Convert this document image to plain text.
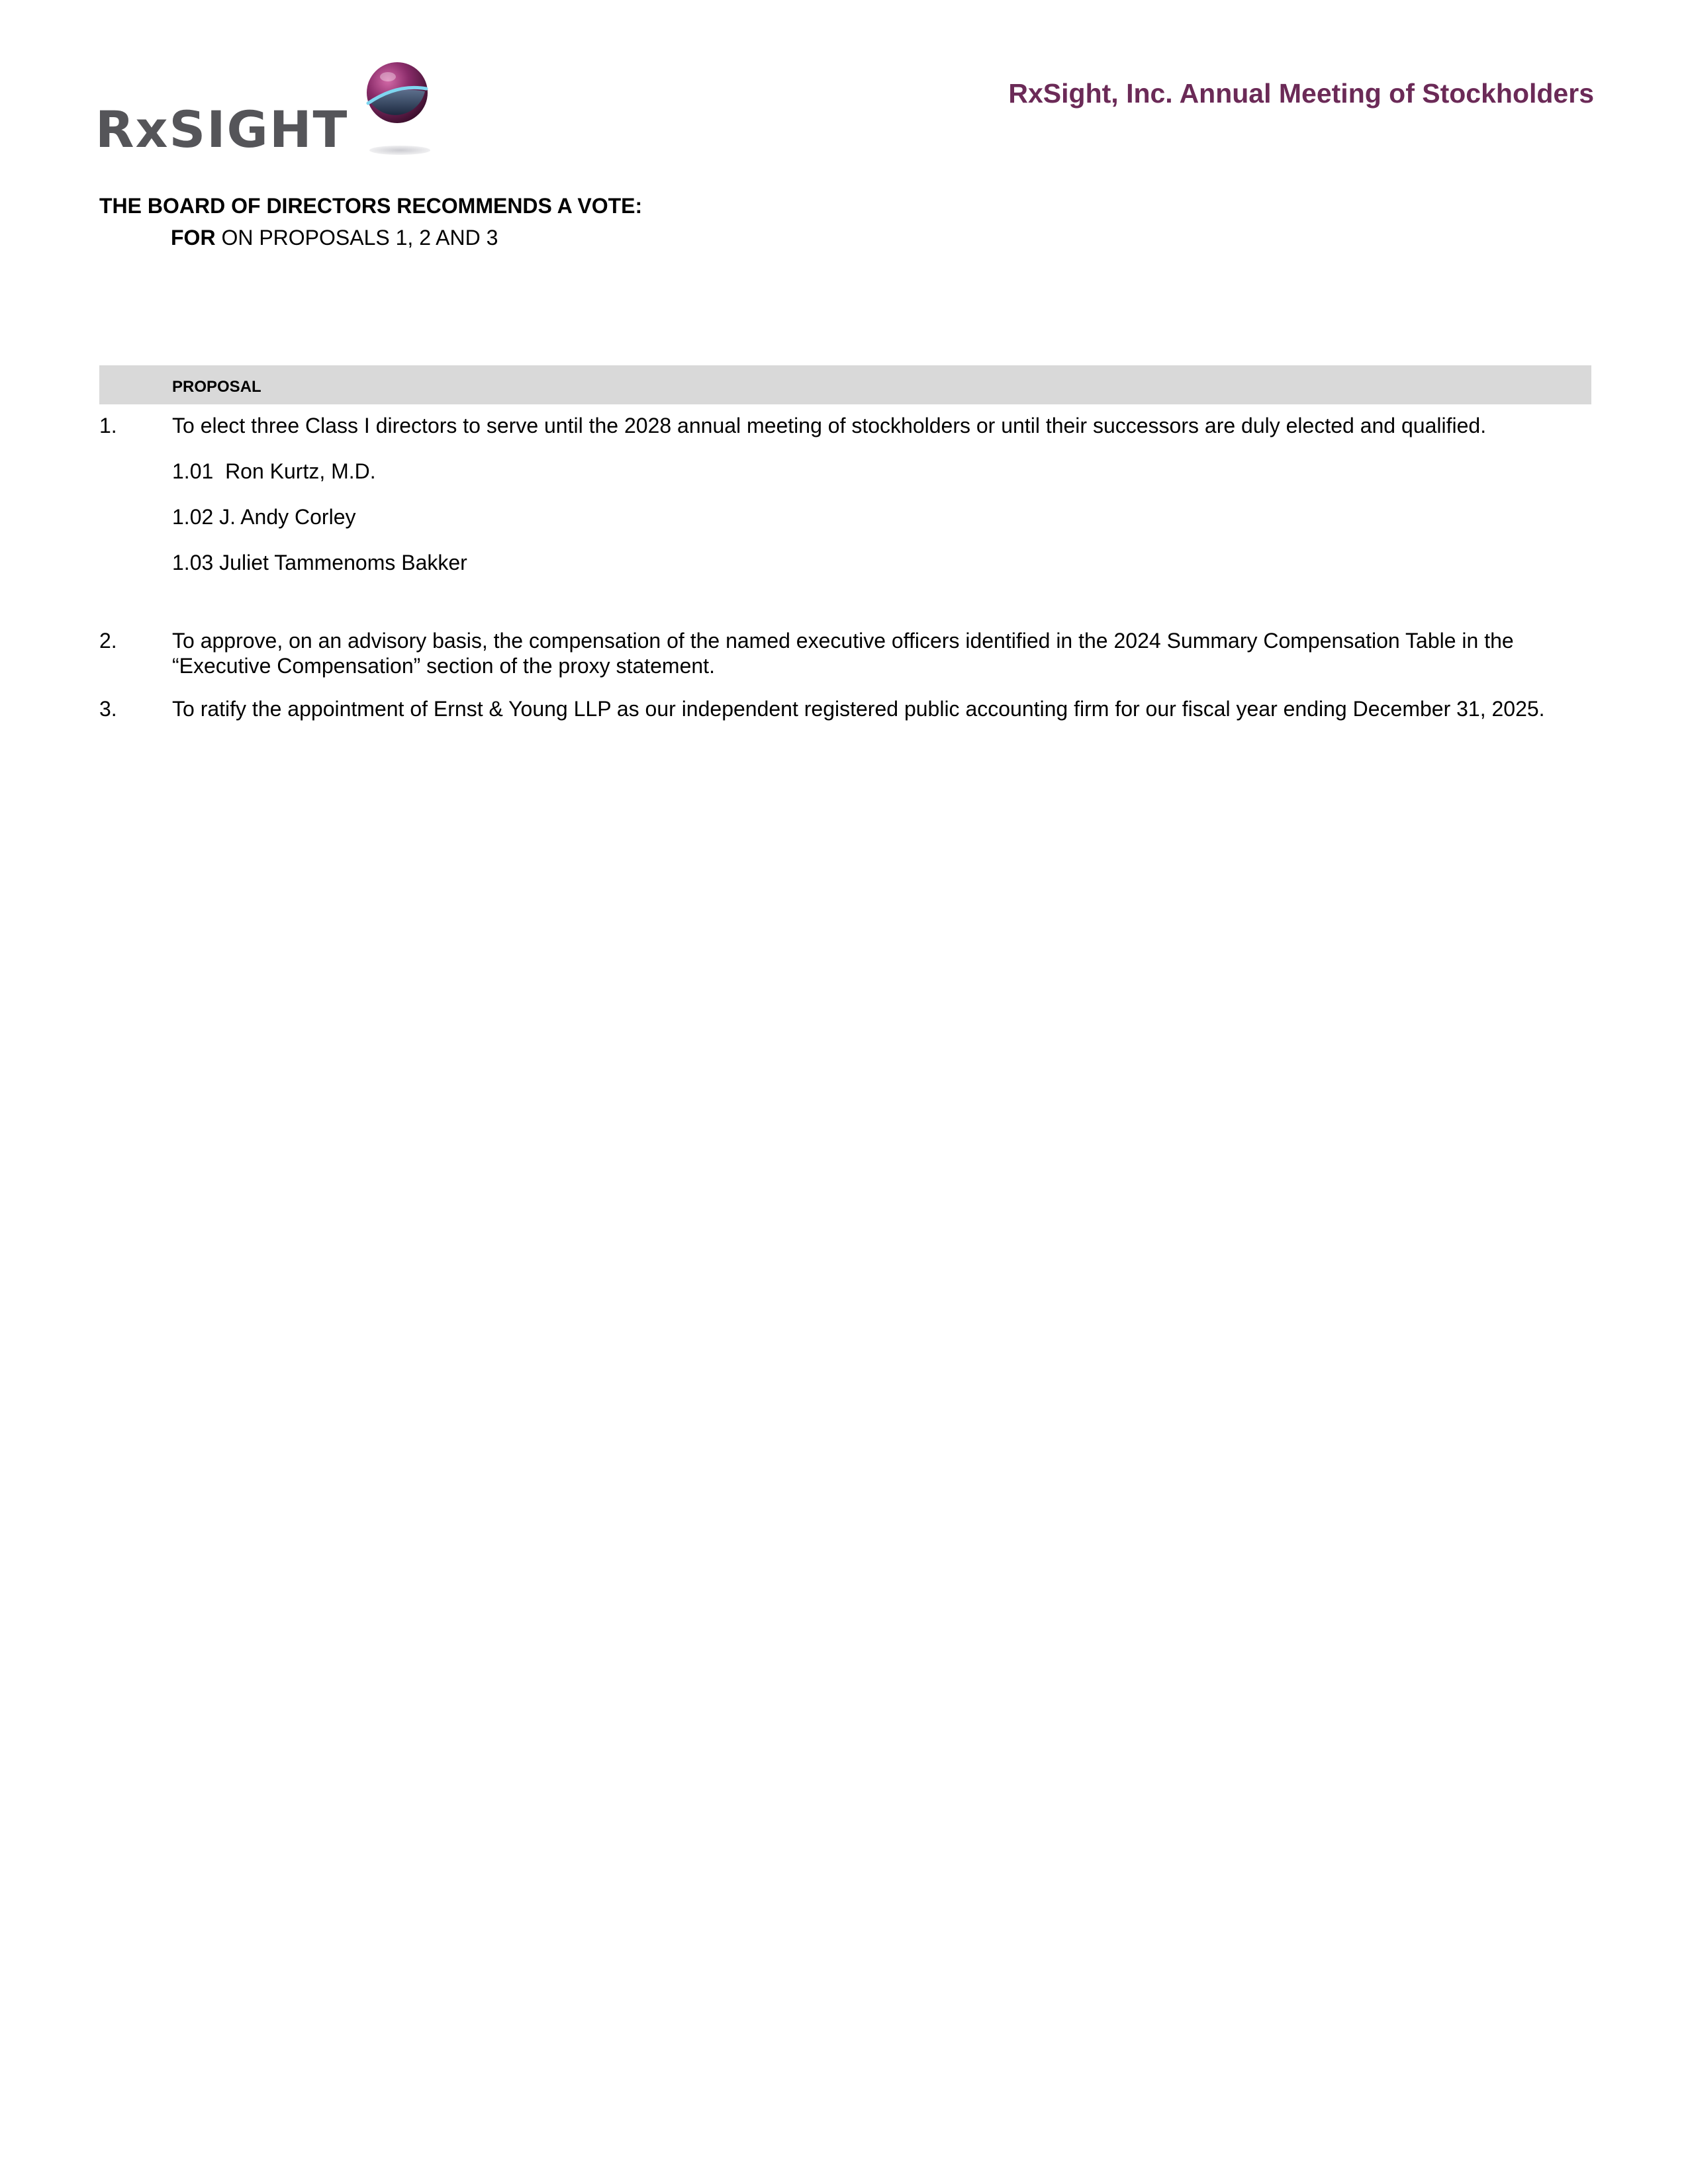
RxSIGHT
RxSight, Inc. Annual Meeting of Stockholders
THE BOARD OF DIRECTORS RECOMMENDS A VOTE:
FOR ON PROPOSALS 1, 2 AND 3
PROPOSAL
1.	To elect three Class I directors to serve until the 2028 annual meeting of stockholders or until their successors are duly elected and qualified.
1.01  Ron Kurtz, M.D.
1.02 J. Andy Corley
1.03 Juliet Tammenoms Bakker
2.	To approve, on an advisory basis, the compensation of the named executive officers identified in the 2024 Summary Compensation Table in the “Executive Compensation” section of the proxy statement.
3.	To ratify the appointment of Ernst & Young LLP as our independent registered public accounting firm for our fiscal year ending December 31, 2025.
